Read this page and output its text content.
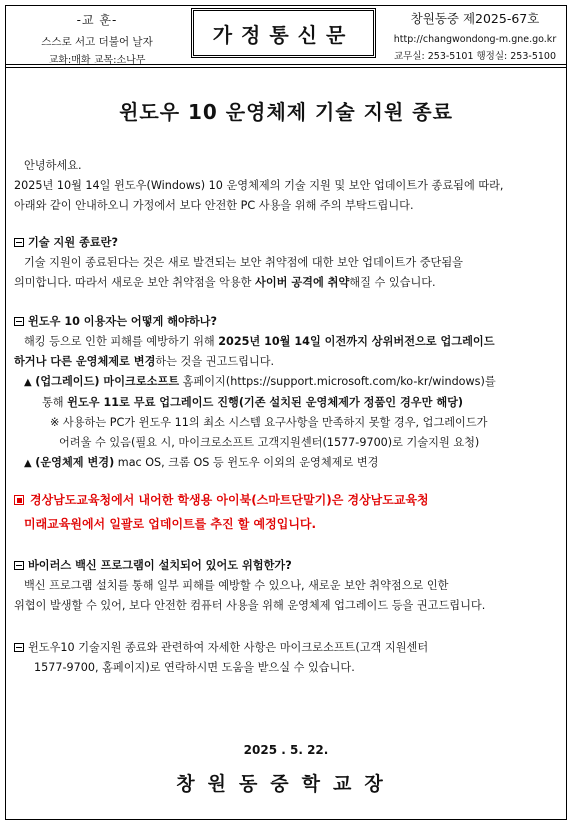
-교 훈-
스스로 서고 더불어 날자
교화:매화 교목:소나무
가정통신문
창원동중 제2025-67호
http://changwondong-m.gne.go.kr
교무실: 253-5101 행정실: 253-5100
윈도우 10 운영체제 기술 지원 종료

안녕하세요.

2025년 10월 14일 윈도우(Windows) 10 운영체제의 기술 지원 및 보안 업데이트가 종료됨에 따라,

아래와 같이 안내하오니 가정에서 보다 안전한 PC 사용을 위해 주의 부탁드립니다.

기술 지원 종료란?

기술 지원이 종료된다는 것은 새로 발견되는 보안 취약점에 대한 보안 업데이트가 중단됨을

의미합니다. 따라서 새로운 보안 취약점을 악용한 사이버 공격에 취약해질 수 있습니다.

윈도우 10 이용자는 어떻게 해야하나?

해킹 등으로 인한 피해를 예방하기 위해 2025년 10월 14일 이전까지 상위버전으로 업그레이드

하거나 다른 운영체제로 변경하는 것을 권고드립니다.

▲ (업그레이드) 마이크로소프트 홈페이지(https://support.microsoft.com/ko-kr/windows)를

통해 윈도우 11로 무료 업그레이드 진행(기존 설치된 운영체제가 정품인 경우만 해당)

※ 사용하는 PC가 윈도우 11의 최소 시스템 요구사항을 만족하지 못할 경우, 업그레이드가

어려울 수 있음(필요 시, 마이크로소프트 고객지원센터(1577-9700)로 기술지원 요청)

▲ (운영체제 변경) mac OS, 크롬 OS 등 윈도우 이외의 운영체제로 변경

경상남도교육청에서 내어한 학생용 아이북(스마트단말기)은 경상남도교육청
미래교육원에서 일괄로 업데이트를 추진 할 예정입니다.

바이러스 백신 프로그램이 설치되어 있어도 위험한가?

백신 프로그램 설치를 통해 일부 피해를 예방할 수 있으나, 새로운 보안 취약점으로 인한

위협이 발생할 수 있어, 보다 안전한 컴퓨터 사용을 위해 운영체제 업그레이드 등을 권고드립니다.

윈도우10 기술지원 종료와 관련하여 자세한 사항은 마이크로소프트(고객 지원센터

1577-9700, 홈페이지)로 연락하시면 도움을 받으실 수 있습니다.

2025 . 5. 22.
창원동중학교장
